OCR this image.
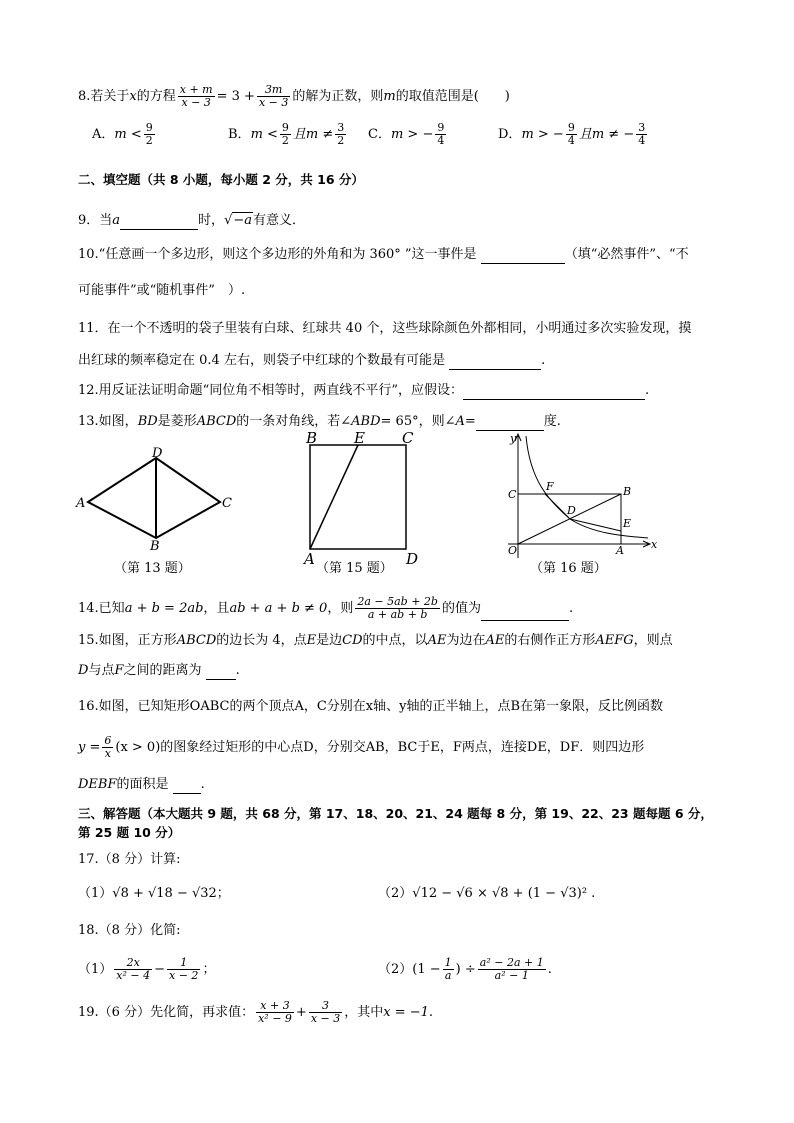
8.若关于x的方程 $\frac{x + m}{x - 3} = 3 + \frac{3m}{x - 3}$ 的解为正数，则m的取值范围是(　　)
A．$m < \frac{9}{2}$	B．$m < \frac{9}{2}$ 且$m \ne \frac{3}{2}$ C．m > − $\frac{9}{4}$	D．m > − $\frac{9}{4}$ 且m ≠ − $\frac{3}{4}$
二、填空题（共 8 小题，每小题 2 分，共 16 分）
9．当a	时，√−a有意义．
10.“任意画一个多边形，则这个多边形的外角和为 360° ”这一事件是	（填“必然事件”、“不
可能事件”或“随机事件”　）.
11．在一个不透明的袋子里装有白球、红球共 40 个，这些球除颜色外都相同，小明通过多次实验发现，摸
出红球的频率稳定在 0.4 左右，则袋子中红球的个数最有可能是	.
12.用反证法证明命题“同位角不相等时，两直线不平行”，应假设：	.
13.如图，BD是菱形ABCD的一条对角线，若∠ABD= 65°，则∠A=	度.
A
B
C
D
（第 13 题）
B E C
A	D
（第 15 题）
y
x
O	A
B
C
D
E
F
（第 16 题）
14.已知a + b = 2ab，且ab + a + b ≠ 0，则 $\frac{2a - 5ab + 2b}{a + ab + b}$ 的值为	.
15.如图，正方形ABCD的边长为 4，点E是边CD的中点，以AE为边在AE的右侧作正方形AEFG，则点
D与点F之间的距离为	.
16.如图，已知矩形OABC的两个顶点A，C分别在x轴、y轴的正半轴上，点B在第一象限，反比例函数
$y = \frac{6}{x} (x > 0)$的图象经过矩形的中心点D，分别交AB，BC于E，F两点，连接DE，DF．则四边形
DEBF的面积是 .
三、解答题（本大题共 9 题，共 68 分，第 17、18、20、21、24 题每 8 分，第 19、22、23 题每题 6 分，
第 25 题 10 分）
17.（8 分）计算:
（1）√8 + √18 − √32；	（2）√12 − √6 × √8 + (1 − √3)² .
18.（8 分）化简:
$(1) \frac{2x}{\text{x² − 4}} - \frac{1}{x - 2}$ ；	$(2)(1 - \frac{1}{a}$ ) ÷ $\frac{\text{a² − 2a + 1}}{\text{a² − 1}}$ .
19.（6 分）先化简，再求值： $\frac{x + 3}{\text{x² − 9}} + \frac{3}{x - 3}$ ，其中x = −1.
